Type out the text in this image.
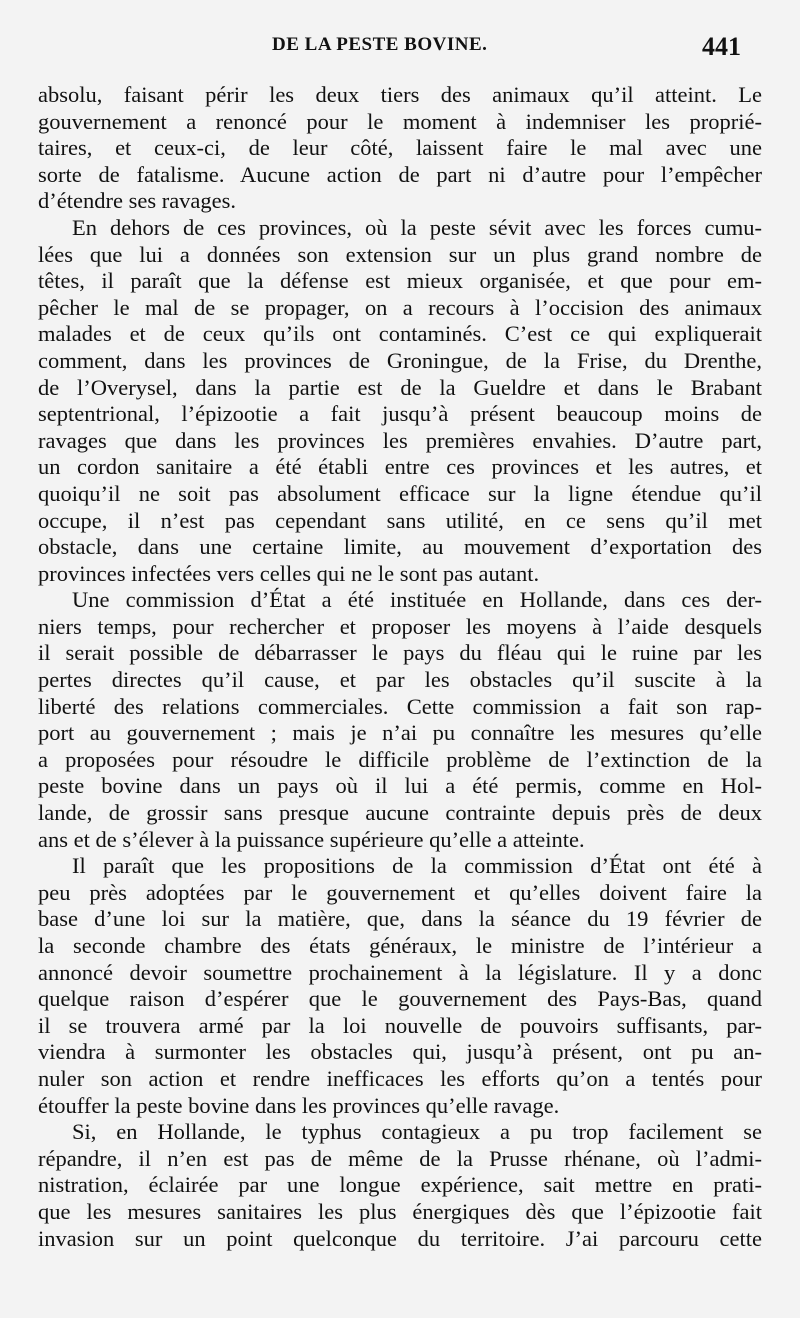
DE LA PESTE BOVINE.	441
absolu, faisant périr les deux tiers des animaux qu’il atteint. Le
gouvernement a renoncé pour le moment à indemniser les proprié-
taires, et ceux-ci, de leur côté, laissent faire le mal avec une
sorte de fatalisme. Aucune action de part ni d’autre pour l’empêcher
d’étendre ses ravages.
En dehors de ces provinces, où la peste sévit avec les forces cumu-
lées que lui a données son extension sur un plus grand nombre de
têtes, il paraît que la défense est mieux organisée, et que pour em-
pêcher le mal de se propager, on a recours à l’occision des animaux
malades et de ceux qu’ils ont contaminés. C’est ce qui expliquerait
comment, dans les provinces de Groningue, de la Frise, du Drenthe,
de l’Overysel, dans la partie est de la Gueldre et dans le Brabant
septentrional, l’épizootie a fait jusqu’à présent beaucoup moins de
ravages que dans les provinces les premières envahies. D’autre part,
un cordon sanitaire a été établi entre ces provinces et les autres, et
quoiqu’il ne soit pas absolument efficace sur la ligne étendue qu’il
occupe, il n’est pas cependant sans utilité, en ce sens qu’il met
obstacle, dans une certaine limite, au mouvement d’exportation des
provinces infectées vers celles qui ne le sont pas autant.
Une commission d’État a été instituée en Hollande, dans ces der-
niers temps, pour rechercher et proposer les moyens à l’aide desquels
il serait possible de débarrasser le pays du fléau qui le ruine par les
pertes directes qu’il cause, et par les obstacles qu’il suscite à la
liberté des relations commerciales. Cette commission a fait son rap-
port au gouvernement ; mais je n’ai pu connaître les mesures qu’elle
a proposées pour résoudre le difficile problème de l’extinction de la
peste bovine dans un pays où il lui a été permis, comme en Hol-
lande, de grossir sans presque aucune contrainte depuis près de deux
ans et de s’élever à la puissance supérieure qu’elle a atteinte.
Il paraît que les propositions de la commission d’État ont été à
peu près adoptées par le gouvernement et qu’elles doivent faire la
base d’une loi sur la matière, que, dans la séance du 19 février de
la seconde chambre des états généraux, le ministre de l’intérieur a
annoncé devoir soumettre prochainement à la législature. Il y a donc
quelque raison d’espérer que le gouvernement des Pays-Bas, quand
il se trouvera armé par la loi nouvelle de pouvoirs suffisants, par-
viendra à surmonter les obstacles qui, jusqu’à présent, ont pu an-
nuler son action et rendre inefficaces les efforts qu’on a tentés pour
étouffer la peste bovine dans les provinces qu’elle ravage.
Si, en Hollande, le typhus contagieux a pu trop facilement se
répandre, il n’en est pas de même de la Prusse rhénane, où l’admi-
nistration, éclairée par une longue expérience, sait mettre en prati-
que les mesures sanitaires les plus énergiques dès que l’épizootie fait
invasion sur un point quelconque du territoire. J’ai parcouru cette
